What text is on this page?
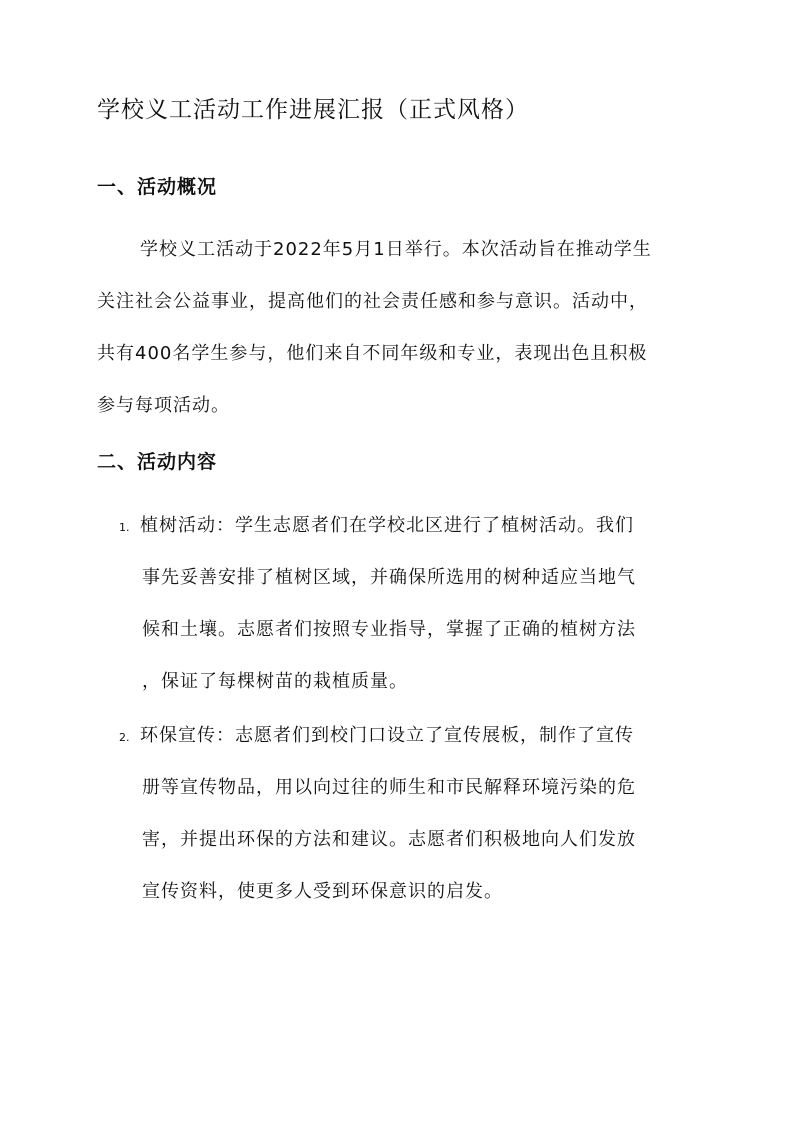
学校义工活动工作进展汇报（正式风格）
一、活动概况
学校义工活动于2022年5月1日举行。本次活动旨在推动学生
关注社会公益事业，提高他们的社会责任感和参与意识。活动中，
共有400名学生参与，他们来自不同年级和专业，表现出色且积极
参与每项活动。
二、活动内容
1. 植树活动：学生志愿者们在学校北区进行了植树活动。我们
事先妥善安排了植树区域，并确保所选用的树种适应当地气
候和土壤。志愿者们按照专业指导，掌握了正确的植树方法
，保证了每棵树苗的栽植质量。
2. 环保宣传：志愿者们到校门口设立了宣传展板，制作了宣传
册等宣传物品，用以向过往的师生和市民解释环境污染的危
害，并提出环保的方法和建议。志愿者们积极地向人们发放
宣传资料，使更多人受到环保意识的启发。
